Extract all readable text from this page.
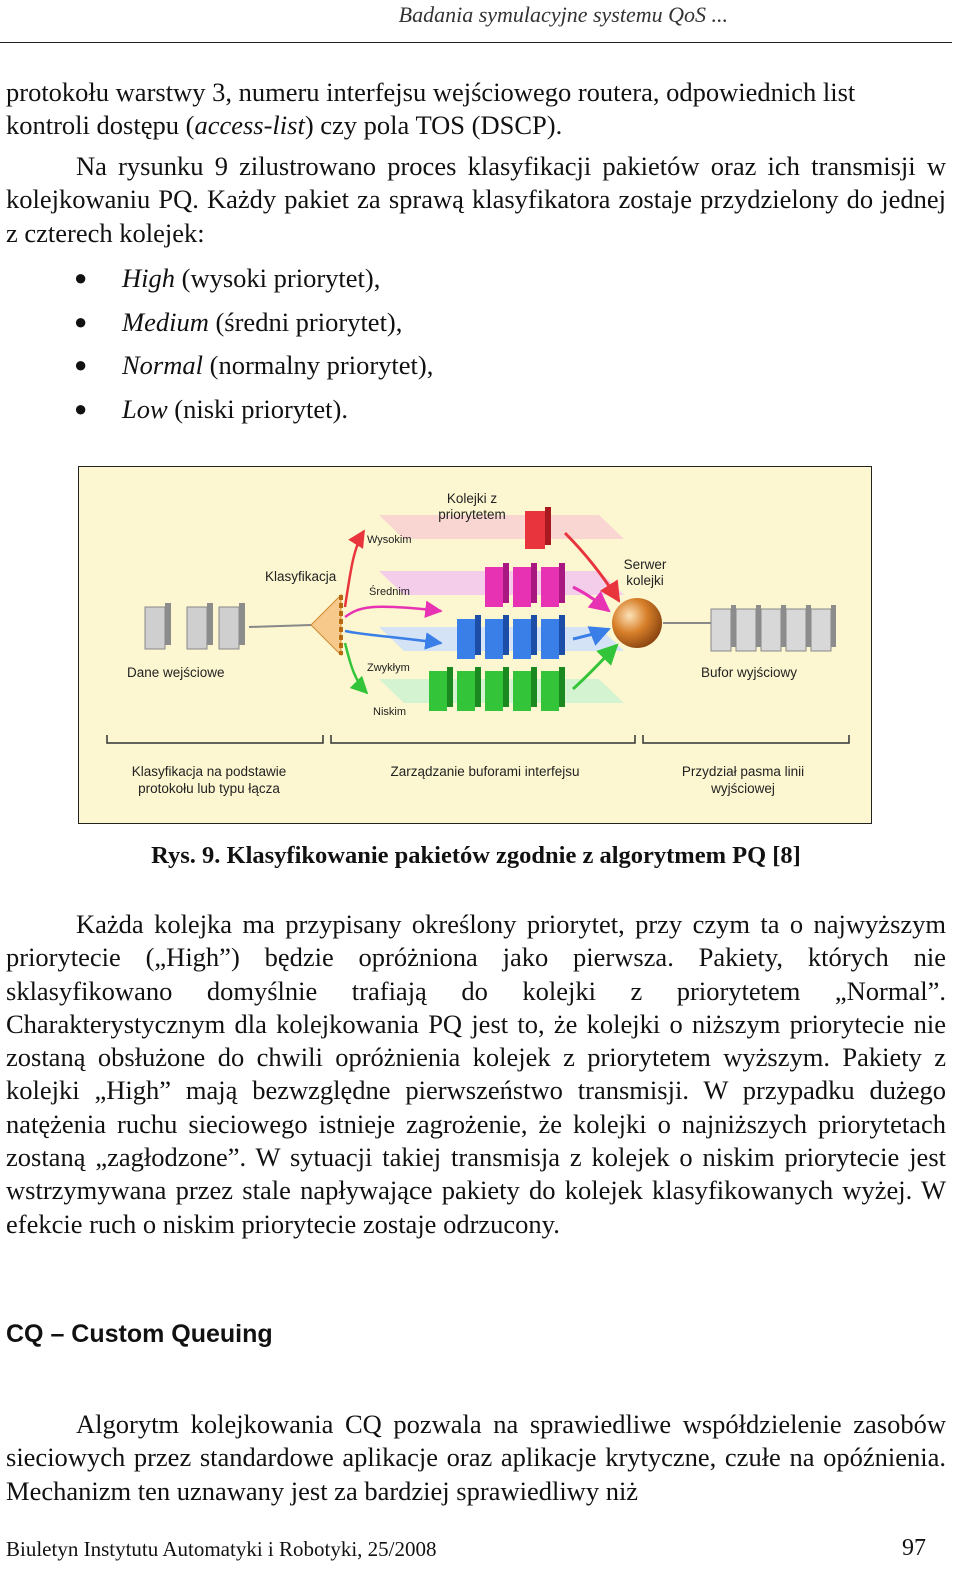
Badania symulacyjne systemu QoS ...

protokołu warstwy 3, numeru interfejsu wejściowego routera, odpowiednich list
kontroli dostępu (access-list) czy pola TOS (DSCP).

Na rysunku 9 zilustrowano proces klasyfikacji pakietów oraz ich transmisji w kolejkowaniu PQ. Każdy pakiet za sprawą klasyfikatora zostaje przydzielony do jednej z czterech kolejek:

● High (wysoki priorytet),
● Medium (średni priorytet),
● Normal (normalny priorytet),
● Low (niski priorytet).
Kolejki z
priorytetem
Klasyfikacja
Dane wejściowe
Wysokim
Średnim
Zwykłym
Niskim
Serwer
kolejki
Bufor wyjściowy
Klasyfikacja na podstawie
protokołu lub typu łącza
Zarządzanie buforami interfejsu	Przydział pasma linii
wyjściowej
Rys. 9. Klasyfikowanie pakietów zgodnie z algorytmem PQ [8]

Każda kolejka ma przypisany określony priorytet, przy czym ta o najwyższym priorytecie („High”) będzie opróżniona jako pierwsza. Pakiety, których nie sklasyfikowano domyślnie trafiają do kolejki z priorytetem „Normal”. Charakterystycznym dla kolejkowania PQ jest to, że kolejki o niższym priorytecie nie zostaną obsłużone do chwili opróżnienia kolejek z priorytetem wyższym. Pakiety z kolejki „High” mają bezwzględne pierwszeństwo transmisji. W przypadku dużego natężenia ruchu sieciowego istnieje zagrożenie, że kolejki o najniższych priorytetach zostaną „zagłodzone”. W sytuacji takiej transmisja z kolejek o niskim priorytecie jest wstrzymywana przez stale napływające pakiety do kolejek klasyfikowanych wyżej. W efekcie ruch o niskim priorytecie zostaje odrzucony.

CQ – Custom Queuing

Algorytm kolejkowania CQ pozwala na sprawiedliwe współdzielenie zasobów sieciowych przez standardowe aplikacje oraz aplikacje krytyczne, czułe na opóźnienia. Mechanizm ten uznawany jest za bardziej sprawiedliwy niż

Biuletyn Instytutu Automatyki i Robotyki, 25/2008	97
